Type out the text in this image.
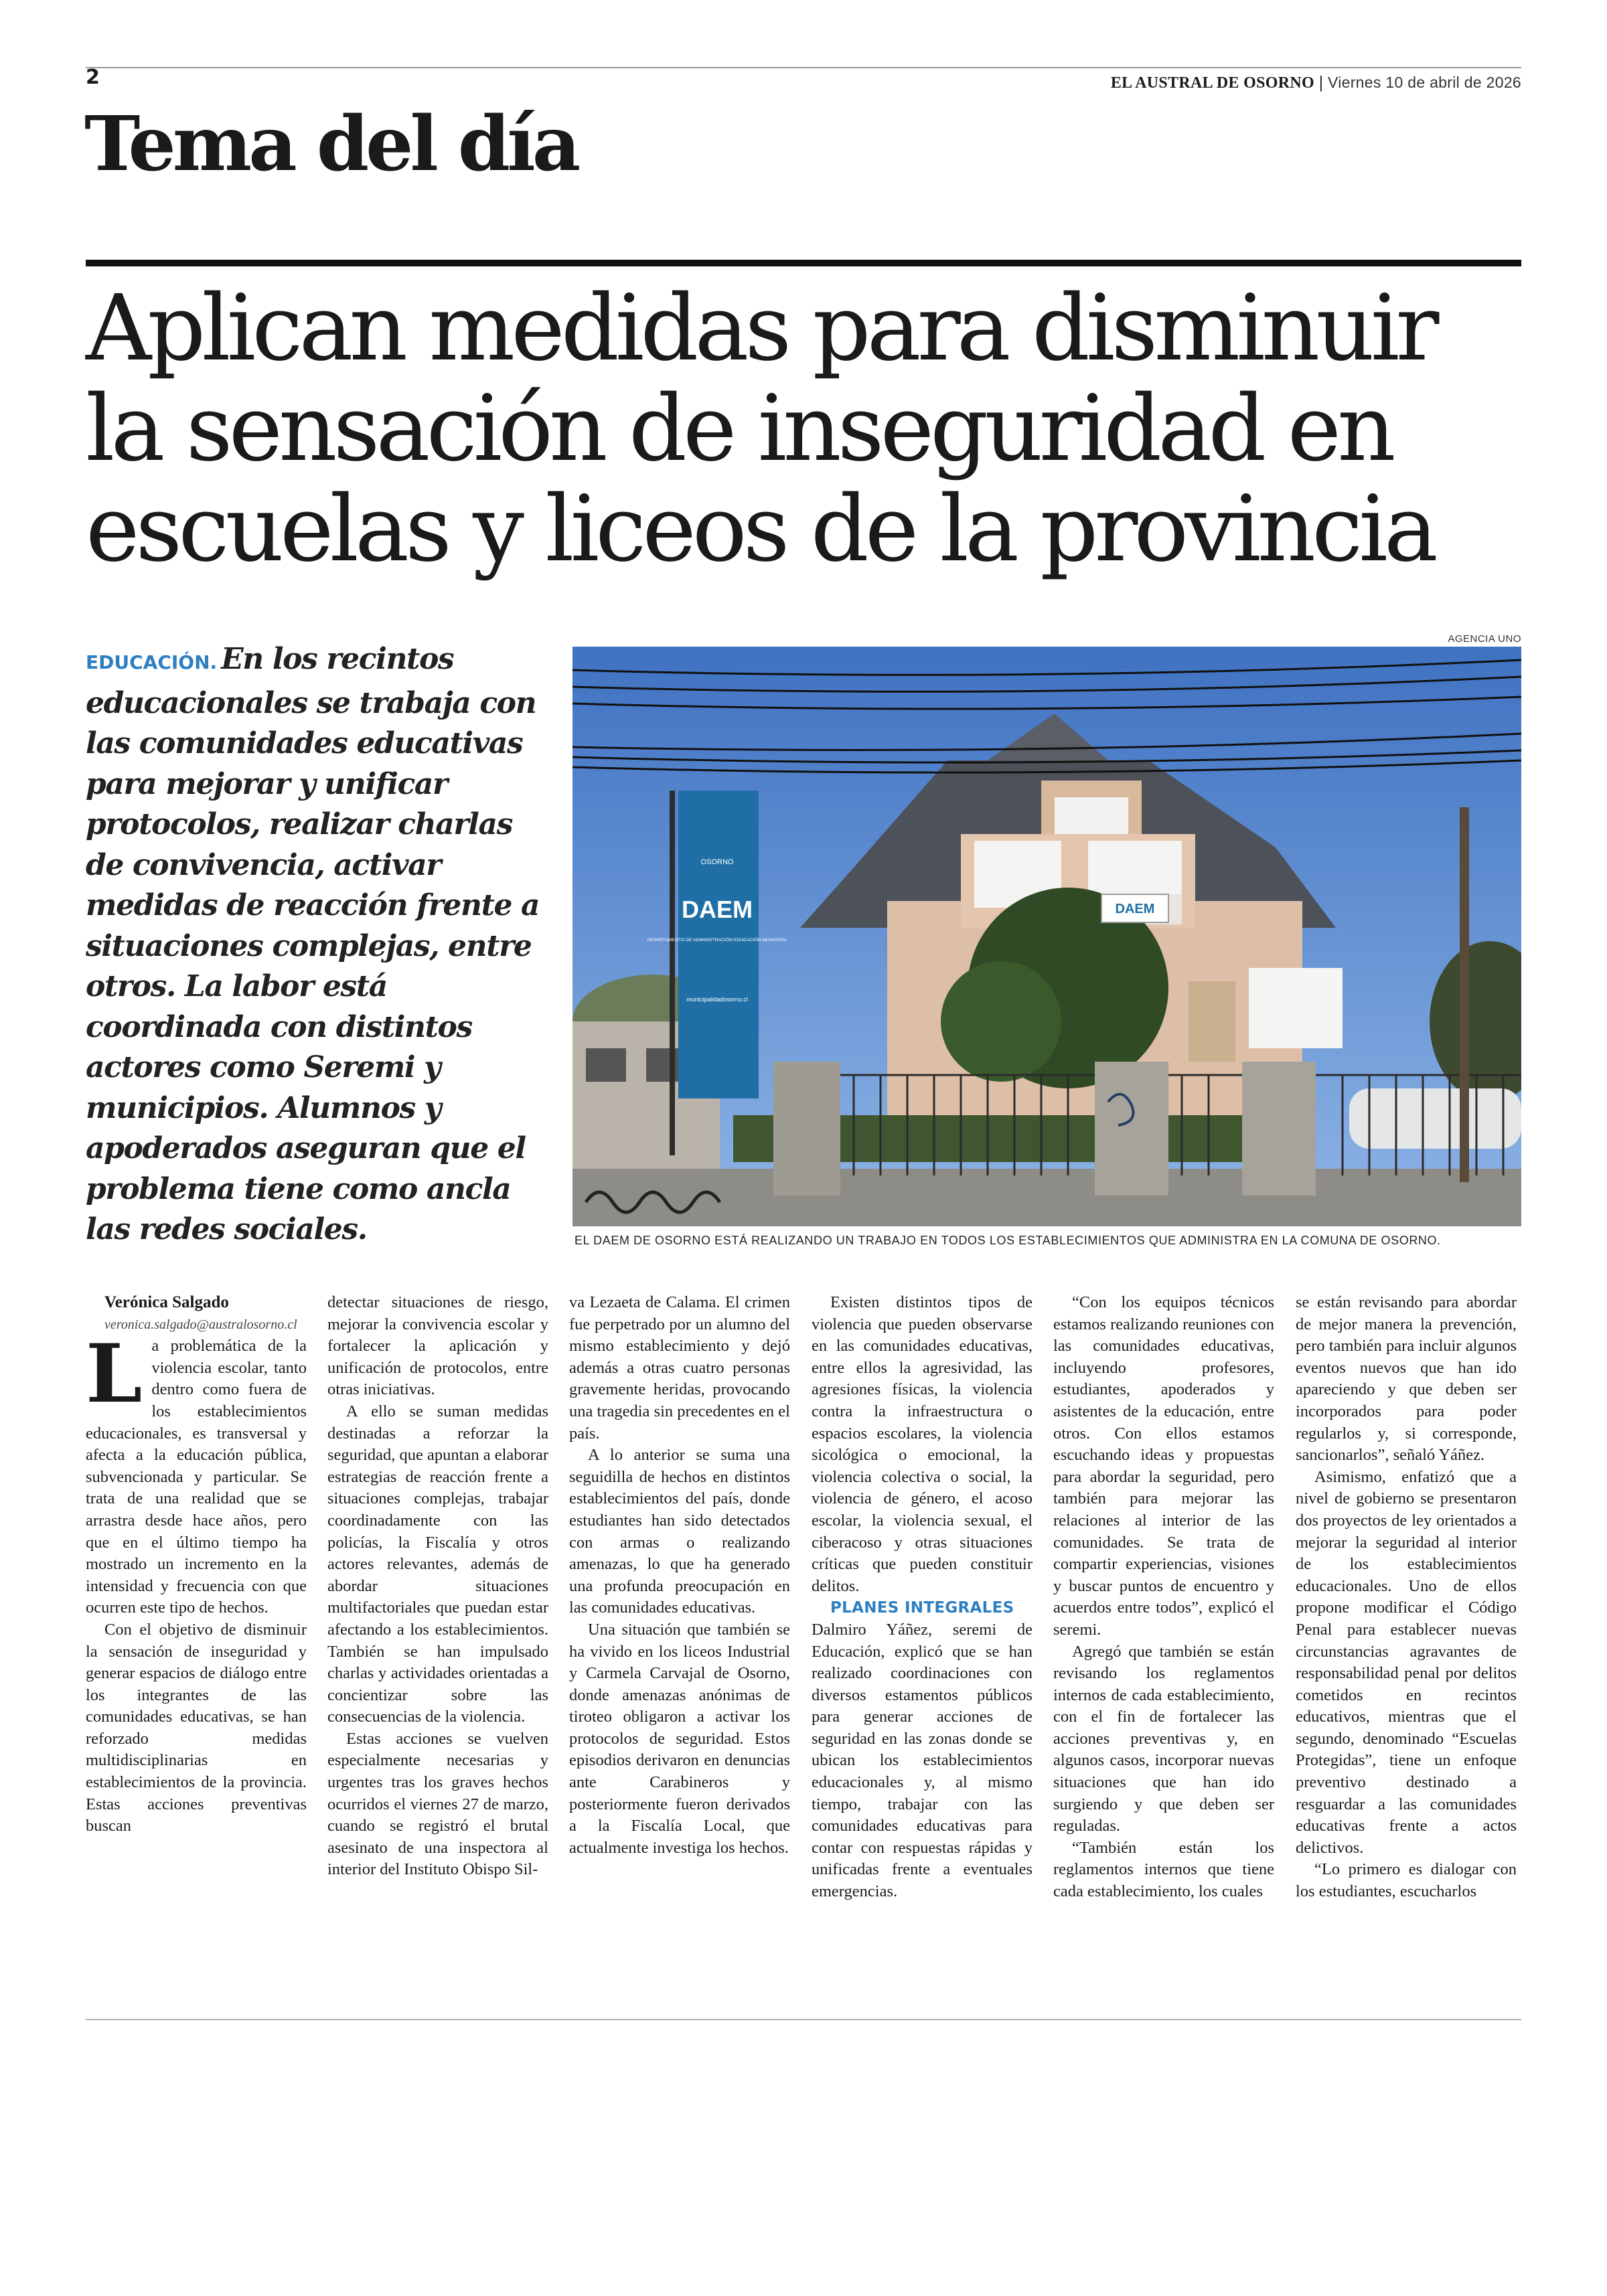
2	EL AUSTRAL DE OSORNO | Viernes 10 de abril de 2026
Tema del día
Aplican medidas para disminuir la sensación de inseguridad en escuelas y liceos de la provincia

EDUCACIÓN. En los recintos educacionales se trabaja con las comunidades educativas para mejorar y unificar protocolos, realizar charlas de convivencia, activar medidas de reacción frente a situaciones complejas, entre otros. La labor está coordinada con distintos actores como Seremi y municipios. Alumnos y apoderados aseguran que el problema tiene como ancla las redes sociales.

AGENCIA UNO
OSORNO
DAEM
DEPARTAMENTO DE ADMINISTRACIÓN EDUCACIÓN MUNICIPAL
municipalidadosorno.cl
DAEM
EL DAEM DE OSORNO ESTÁ REALIZANDO UN TRABAJO EN TODOS LOS ESTABLECIMIENTOS QUE ADMINISTRA EN LA COMUNA DE OSORNO.

Verónica Salgado

veronica.salgado@australosorno.cl

La problemática de la violencia escolar, tanto dentro como fuera de los establecimientos educacionales, es transversal y afecta a la educación pública, subvencionada y particular. Se trata de una realidad que se arrastra desde hace años, pero que en el último tiempo ha mostrado un incremento en la intensidad y frecuencia con que ocurren este tipo de hechos.

Con el objetivo de disminuir la sensación de inseguridad y generar espacios de diálogo entre los integrantes de las comunidades educativas, se han reforzado medidas multidisciplinarias en establecimientos de la provincia. Estas acciones preventivas buscan

detectar situaciones de riesgo, mejorar la convivencia escolar y fortalecer la aplicación y unificación de protocolos, entre otras iniciativas.

A ello se suman medidas destinadas a reforzar la seguridad, que apuntan a elaborar estrategias de reacción frente a situaciones complejas, trabajar coordinadamente con las policías, la Fiscalía y otros actores relevantes, además de abordar situaciones multifactoriales que puedan estar afectando a los establecimientos. También se han impulsado charlas y actividades orientadas a concientizar sobre las consecuencias de la violencia.

Estas acciones se vuelven especialmente necesarias y urgentes tras los graves hechos ocurridos el viernes 27 de marzo, cuando se registró el brutal asesinato de una inspectora al interior del Instituto Obispo Sil-

va Lezaeta de Calama. El crimen fue perpetrado por un alumno del mismo establecimiento y dejó además a otras cuatro personas gravemente heridas, provocando una tragedia sin precedentes en el país.

A lo anterior se suma una seguidilla de hechos en distintos establecimientos del país, donde estudiantes han sido detectados con armas o realizando amenazas, lo que ha generado una profunda preocupación en las comunidades educativas.

Una situación que también se ha vivido en los liceos Industrial y Carmela Carvajal de Osorno, donde amenazas anónimas de tiroteo obligaron a activar los protocolos de seguridad. Estos episodios derivaron en denuncias ante Carabineros y posteriormente fueron derivados a la Fiscalía Local, que actualmente investiga los hechos.

Existen distintos tipos de violencia que pueden observarse en las comunidades educativas, entre ellos la agresividad, las agresiones físicas, la violencia contra la infraestructura o espacios escolares, la violencia sicológica o emocional, la violencia colectiva o social, la violencia de género, el acoso escolar, la violencia sexual, el ciberacoso y otras situaciones críticas que pueden constituir delitos.

PLANES INTEGRALES

Dalmiro Yáñez, seremi de Educación, explicó que se han realizado coordinaciones con diversos estamentos públicos para generar acciones de seguridad en las zonas donde se ubican los establecimientos educacionales y, al mismo tiempo, trabajar con las comunidades educativas para contar con respuestas rápidas y unificadas frente a eventuales emergencias.

“Con los equipos técnicos estamos realizando reuniones con las comunidades educativas, incluyendo profesores, estudiantes, apoderados y asistentes de la educación, entre otros. Con ellos estamos escuchando ideas y propuestas para abordar la seguridad, pero también para mejorar las relaciones al interior de las comunidades. Se trata de compartir experiencias, visiones y buscar puntos de encuentro y acuerdos entre todos”, explicó el seremi.

Agregó que también se están revisando los reglamentos internos de cada establecimiento, con el fin de fortalecer las acciones preventivas y, en algunos casos, incorporar nuevas situaciones que han ido surgiendo y que deben ser reguladas.

“También están los reglamentos internos que tiene cada establecimiento, los cuales

se están revisando para abordar de mejor manera la prevención, pero también para incluir algunos eventos nuevos que han ido apareciendo y que deben ser incorporados para poder regularlos y, si corresponde, sancionarlos”, señaló Yáñez.

Asimismo, enfatizó que a nivel de gobierno se presentaron dos proyectos de ley orientados a mejorar la seguridad al interior de los establecimientos educacionales. Uno de ellos propone modificar el Código Penal para establecer nuevas circunstancias agravantes de responsabilidad penal por delitos cometidos en recintos educativos, mientras que el segundo, denominado “Escuelas Protegidas”, tiene un enfoque preventivo destinado a resguardar a las comunidades educativas frente a actos delictivos.

“Lo primero es dialogar con los estudiantes, escucharlos
